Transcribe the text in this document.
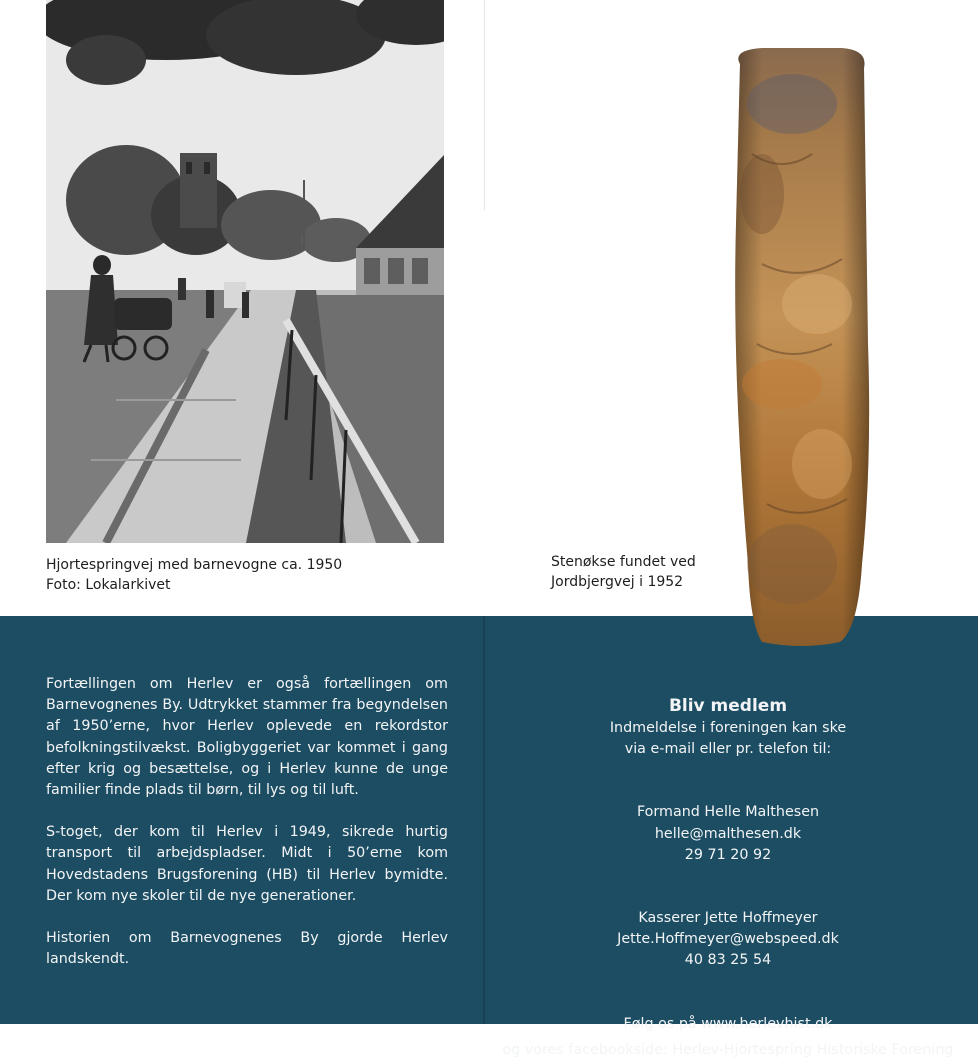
Hjortespringvej med barnevogne ca. 1950
Foto: Lokalarkivet
Stenøkse fundet ved
Jordbjergvej i 1952

Fortællingen om Herlev er også fortællingen om Barnevognenes By. Udtrykket stammer fra begyndelsen af 1950’erne, hvor Herlev oplevede en rekordstor befolkningstilvækst. Boligbyggeriet var kommet i gang efter krig og besættelse, og i Herlev kunne de unge familier finde plads til børn, til lys og til luft.

S-toget, der kom til Herlev i 1949, sikrede hurtig transport til arbejdspladser. Midt i 50’erne kom Hovedstadens Brugsforening (HB) til Herlev bymidte. Der kom nye skoler til de nye generationer.

Historien om Barnevognenes By gjorde Herlev landskendt.

Bliv medlem
Indmeldelse i foreningen kan ske
via e-mail eller pr. telefon til:
Formand Helle Malthesen
helle@malthesen.dk
29 71 20 92
Kasserer Jette Hoffmeyer
Jette.Hoffmeyer@webspeed.dk
40 83 25 54
Følg os på www.herlevhist.dk
og vores facebookside: Herlev-Hjortespring Historiske Forening
